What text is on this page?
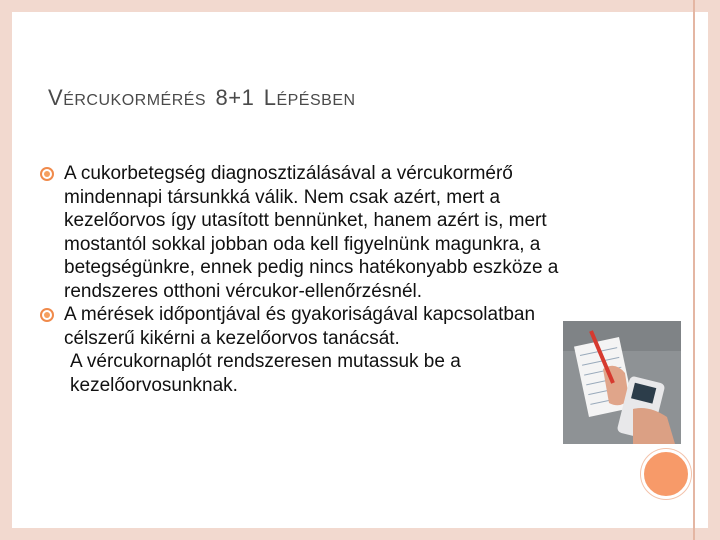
VÉRCUKORMÉRÉS 8+1 LÉPÉSBEN
A cukorbetegség diagnosztizálásával a vércukormérő mindennapi társunkká válik. Nem csak azért, mert a kezelőorvos így utasított bennünket, hanem azért is, mert mostantól sokkal jobban oda kell figyelnünk magunkra, a betegségünkre, ennek pedig nincs hatékonyabb eszköze a rendszeres otthoni vércukor-ellenőrzésnél.
A mérések időpontjával és gyakoriságával kapcsolatban célszerű kikérni a kezelőorvos tanácsát.
A vércukornaplót rendszeresen mutassuk be a kezelőorvosunknak.
